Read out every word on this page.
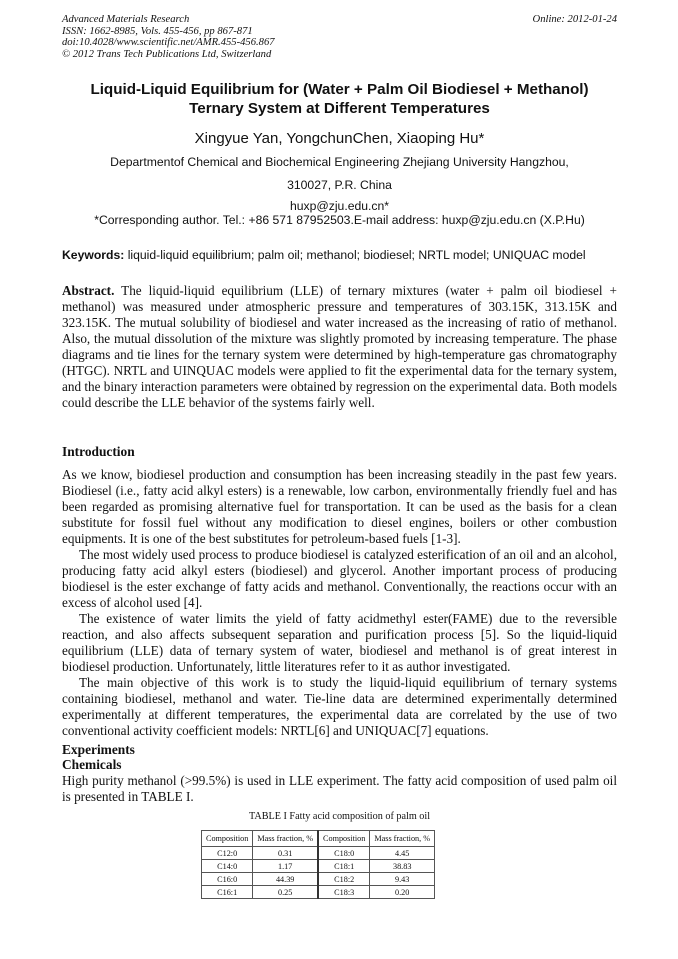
Advanced Materials Research
ISSN: 1662-8985, Vols. 455-456, pp 867-871
doi:10.4028/www.scientific.net/AMR.455-456.867
© 2012 Trans Tech Publications Ltd, Switzerland
Online: 2012-01-24
Liquid-Liquid Equilibrium for (Water + Palm Oil Biodiesel + Methanol)
Ternary System at Different Temperatures
Xingyue Yan, YongchunChen, Xiaoping Hu*
Departmentof Chemical and Biochemical Engineering Zhejiang University Hangzhou,
310027, P.R. China
huxp@zju.edu.cn*
*Corresponding author. Tel.: +86 571 87952503.E-mail address: huxp@zju.edu.cn (X.P.Hu)
Keywords: liquid-liquid equilibrium; palm oil; methanol; biodiesel; NRTL model; UNIQUAC model
Abstract. The liquid-liquid equilibrium (LLE) of ternary mixtures (water + palm oil biodiesel + methanol) was measured under atmospheric pressure and temperatures of 303.15K, 313.15K and 323.15K. The mutual solubility of biodiesel and water increased as the increasing of ratio of methanol. Also, the mutual dissolution of the mixture was slightly promoted by increasing temperature. The phase diagrams and tie lines for the ternary system were determined by high-temperature gas chromatography (HTGC). NRTL and UINQUAC models were applied to fit the experimental data for the ternary system, and the binary interaction parameters were obtained by regression on the experimental data. Both models could describe the LLE behavior of the systems fairly well.
Introduction
As we know, biodiesel production and consumption has been increasing steadily in the past few years. Biodiesel (i.e., fatty acid alkyl esters) is a renewable, low carbon, environmentally friendly fuel and has been regarded as promising alternative fuel for transportation. It can be used as the basis for a clean substitute for fossil fuel without any modification to diesel engines, boilers or other combustion equipments. It is one of the best substitutes for petroleum-based fuels [1-3].
The most widely used process to produce biodiesel is catalyzed esterification of an oil and an alcohol, producing fatty acid alkyl esters (biodiesel) and glycerol. Another important process of producing biodiesel is the ester exchange of fatty acids and methanol. Conventionally, the reactions occur with an excess of alcohol used [4].
The existence of water limits the yield of fatty acidmethyl ester(FAME) due to the reversible reaction, and also affects subsequent separation and purification process [5]. So the liquid-liquid equilibrium (LLE) data of ternary system of water, biodiesel and methanol is of great interest in biodiesel production. Unfortunately, little literatures refer to it as author investigated.
The main objective of this work is to study the liquid-liquid equilibrium of ternary systems containing biodiesel, methanol and water. Tie-line data are determined experimentally determined experimentally at different temperatures, the experimental data are correlated by the use of two conventional activity coefficient models: NRTL[6] and UNIQUAC[7] equations.
Experiments
Chemicals
High purity methanol (>99.5%) is used in LLE experiment. The fatty acid composition of used palm oil is presented in TABLE I.
TABLE I Fatty acid composition of palm oil
Composition	Mass fraction, %	Composition	Mass fraction, %
C12:0	0.31	C18:0	4.45
C14:0	1.17	C18:1	38.83
C16:0	44.39	C18:2	9.43
C16:1	0.25	C18:3	0.20
